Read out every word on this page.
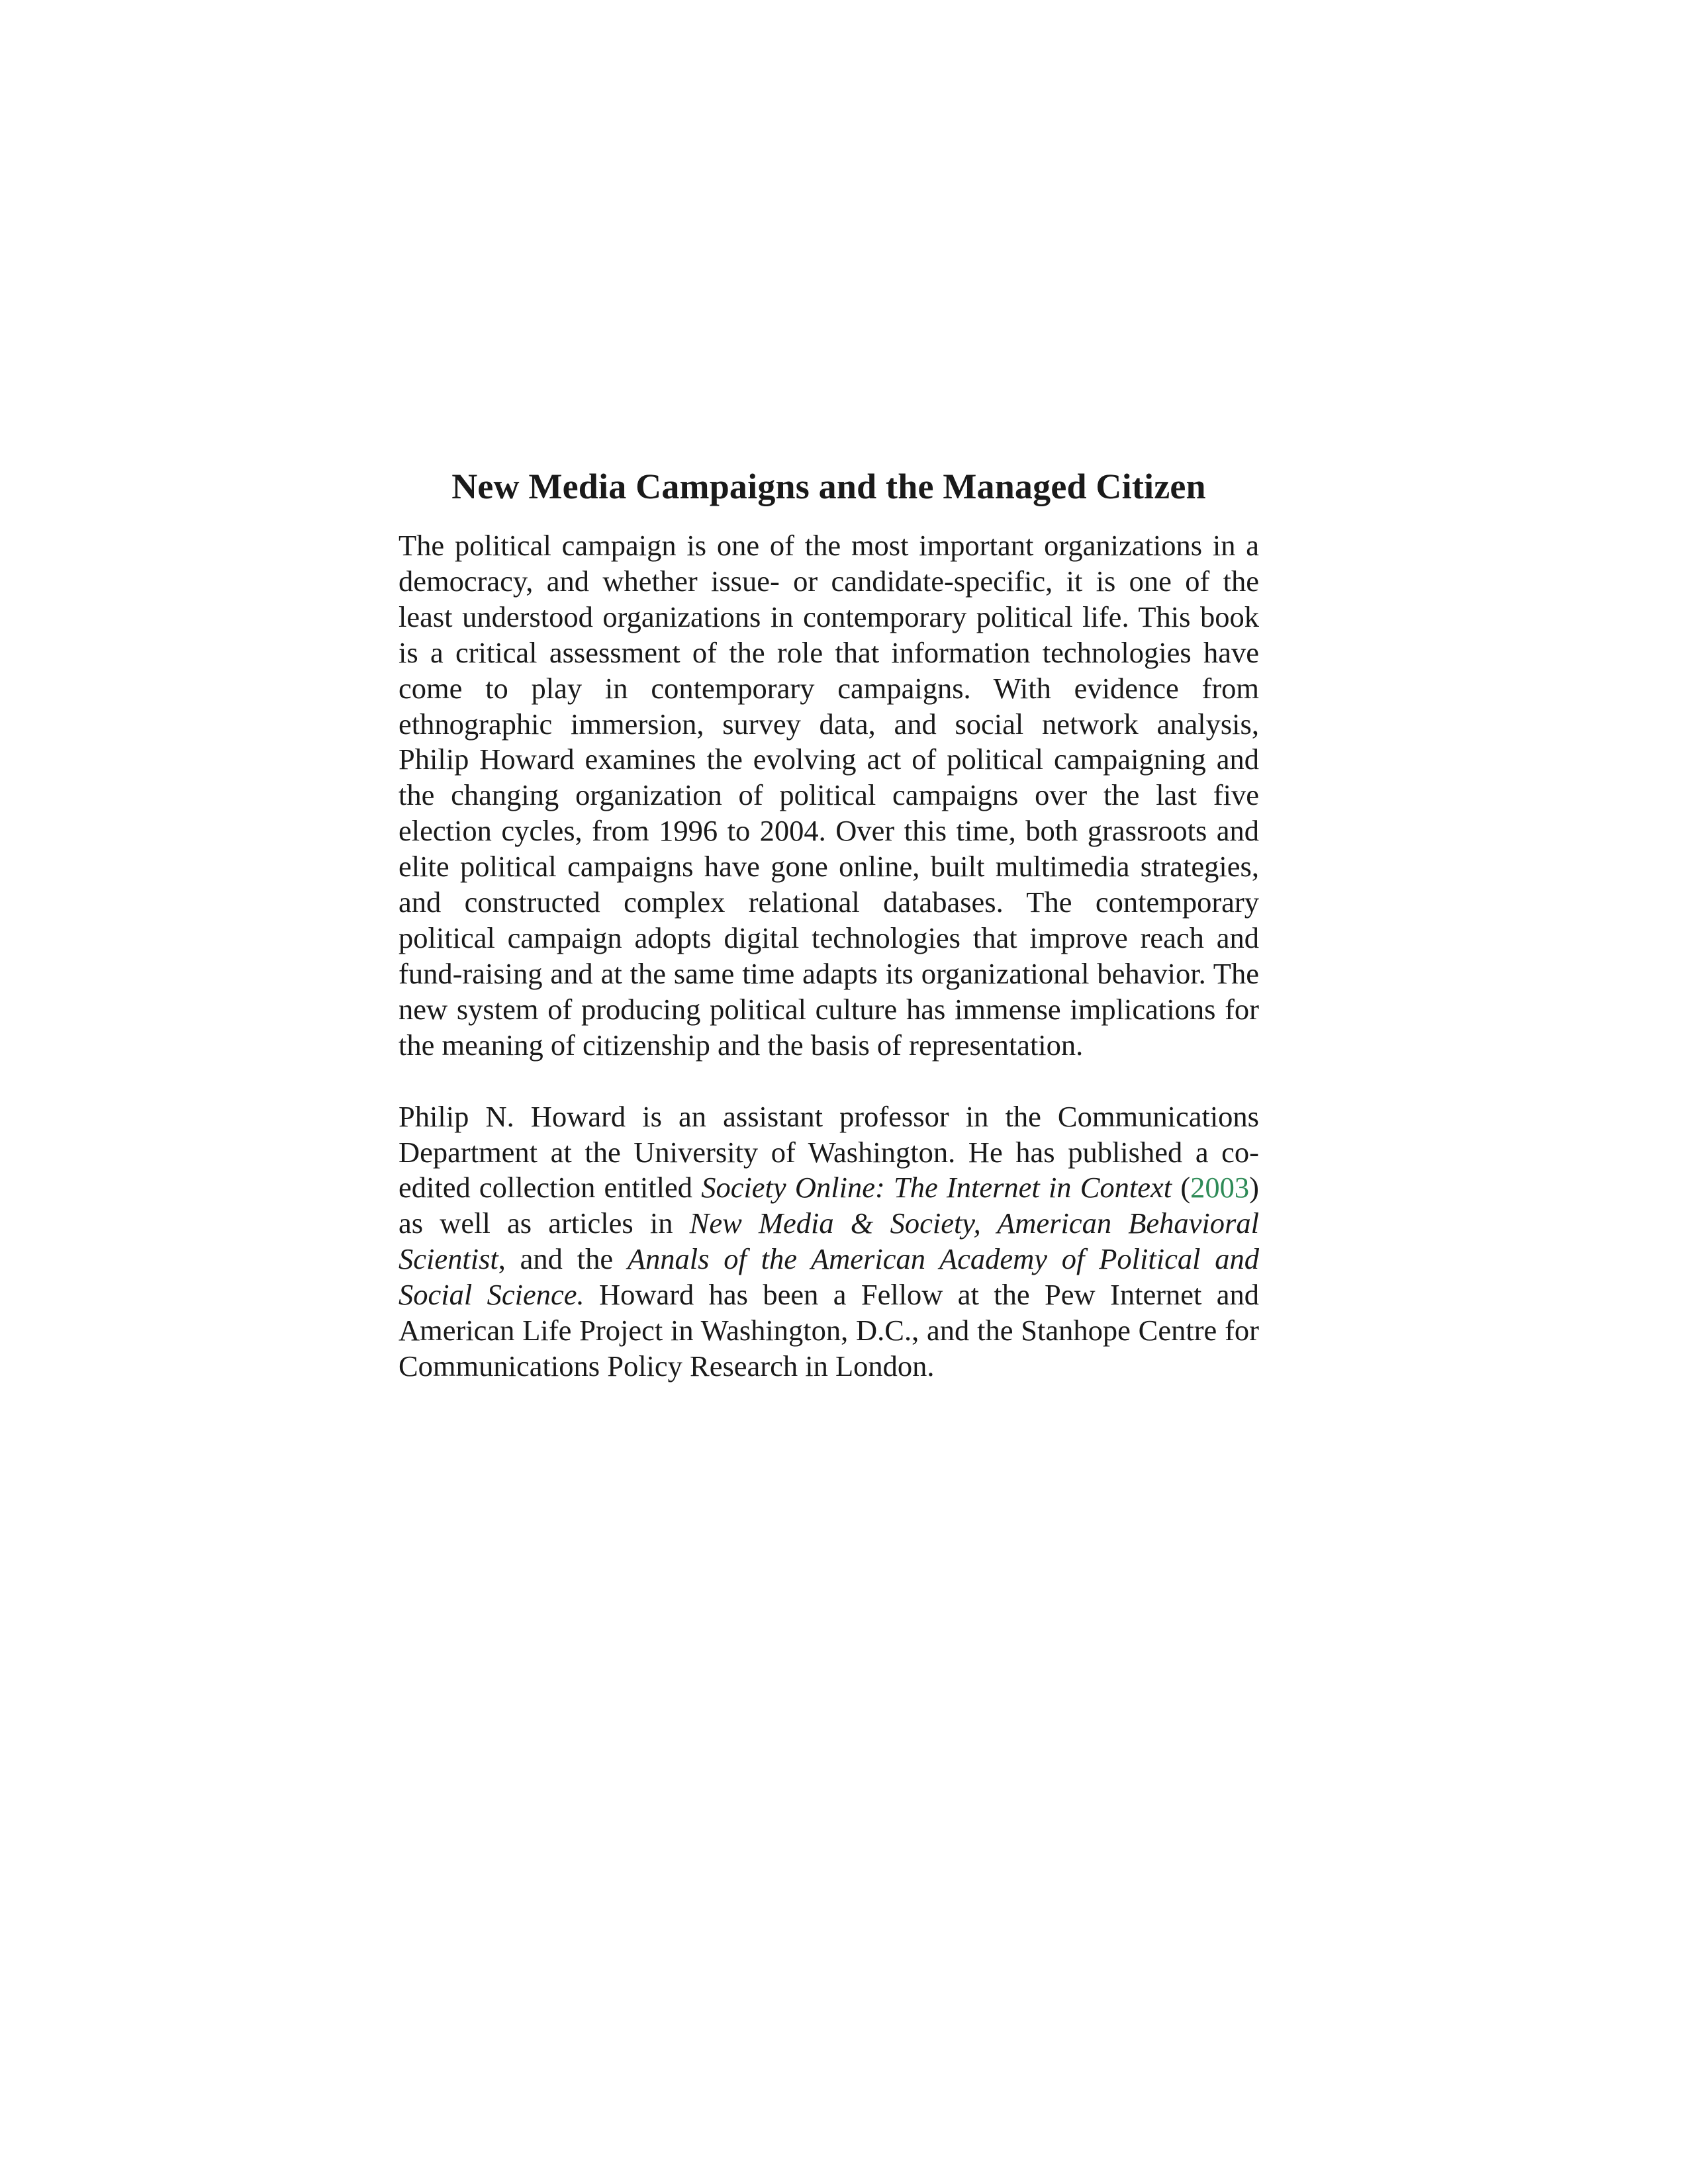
New Media Campaigns and the Managed Citizen

The political campaign is one of the most important organizations in a democracy, and whether issue- or candidate-specific, it is one of the least understood organizations in contemporary political life. This book is a critical assessment of the role that information technologies have come to play in contemporary campaigns. With evidence from ethnographic immersion, survey data, and social network analysis, Philip Howard examines the evolving act of political campaigning and the changing organization of political campaigns over the last five election cycles, from 1996 to 2004. Over this time, both grassroots and elite political campaigns have gone online, built multimedia strategies, and constructed complex relational databases. The contemporary political campaign adopts digital technologies that improve reach and fund-raising and at the same time adapts its organizational behavior. The new system of producing political culture has immense implications for the meaning of citizenship and the basis of representation.

Philip N. Howard is an assistant professor in the Communications Department at the University of Washington. He has published a co-edited collection entitled Society Online: The Internet in Context (2003) as well as articles in New Media & Society, American Behavioral Scientist, and the Annals of the American Academy of Political and Social Science. Howard has been a Fellow at the Pew Internet and American Life Project in Washington, D.C., and the Stanhope Centre for Communications Policy Research in London.
